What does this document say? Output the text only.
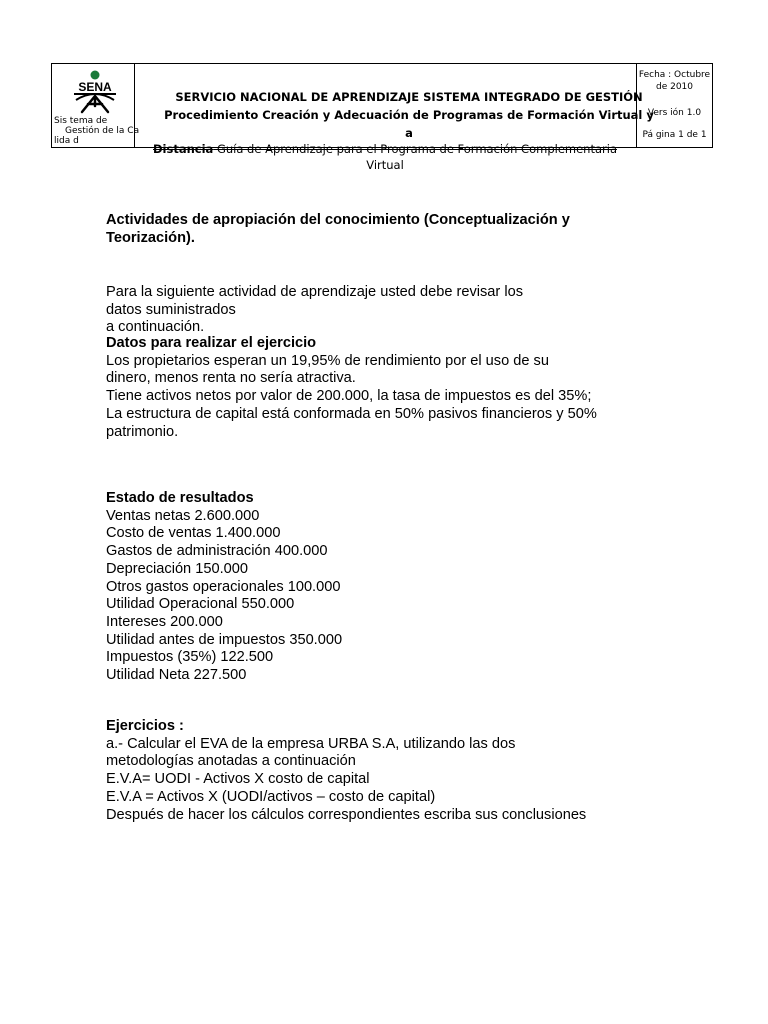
SENA
Sis tema de
Gestión de la Ca
lida d
SERVICIO NACIONAL DE APRENDIZAJE SISTEMA INTEGRADO DE GESTIÓN
Procedimiento Creación y Adecuación de Programas de Formación Virtual y
a
Fecha : Octubre
de 2010
Vers ión 1.0
Pá gina 1 de 1
Distancia Guía de Aprendizaje para el Programa de Formación Complementaria
Virtual
Actividades de apropiación del conocimiento (Conceptualización y
Teorización).
Para la siguiente actividad de aprendizaje usted debe revisar los
datos suministrados
a continuación.
Datos para realizar el ejercicio
Los propietarios esperan un 19,95% de rendimiento por el uso de su
dinero, menos renta no sería atractiva.
Tiene activos netos por valor de 200.000, la tasa de impuestos es del 35%;
La estructura de capital está conformada en 50% pasivos financieros y 50%
patrimonio.
Estado de resultados
Ventas netas 2.600.000
Costo de ventas 1.400.000
Gastos de administración 400.000
Depreciación 150.000
Otros gastos operacionales 100.000
Utilidad Operacional 550.000
Intereses 200.000
Utilidad antes de impuestos 350.000
Impuestos (35%) 122.500
Utilidad Neta 227.500
Ejercicios :
a.- Calcular el EVA de la empresa URBA S.A, utilizando las dos
metodologías anotadas a continuación
E.V.A= UODI - Activos X costo de capital
E.V.A = Activos X (UODI/activos – costo de capital)
Después de hacer los cálculos correspondientes escriba sus conclusiones
